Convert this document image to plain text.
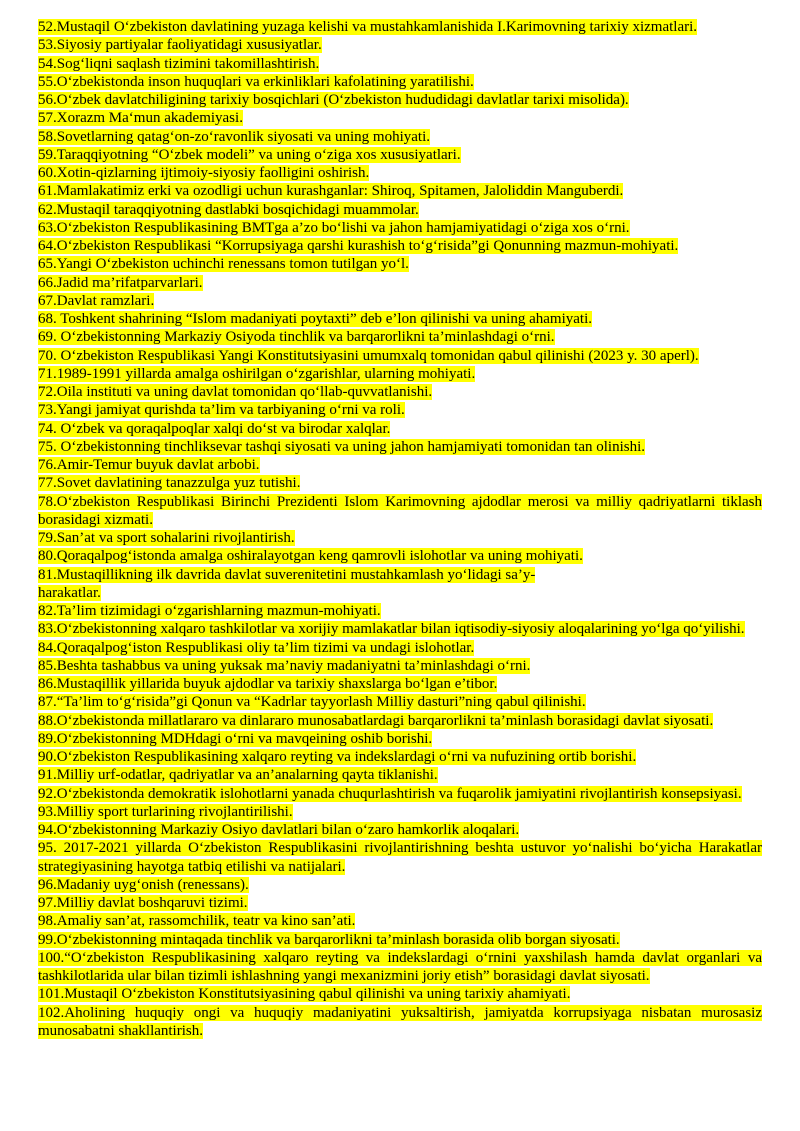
52.Mustaqil O‘zbekiston davlatining yuzaga kelishi va mustahkamlanishida I.Karimovning tarixiy xizmatlari.

53.Siyosiy partiyalar faoliyatidagi xususiyatlar.

54.Sog‘liqni saqlash tizimini takomillashtirish.

55.O‘zbekistonda inson huquqlari va erkinliklari kafolatining yaratilishi.

56.O‘zbek davlatchiligining tarixiy bosqichlari (O‘zbekiston hududidagi davlatlar tarixi misolida).

57.Xorazm Ma‘mun akademiyasi.

58.Sovetlarning qatag‘on-zo‘ravonlik siyosati va uning mohiyati.

59.Taraqqiyotning “O‘zbek modeli” va uning o‘ziga xos xususiyatlari.

60.Xotin-qizlarning ijtimoiy-siyosiy faolligini oshirish.

61.Mamlakatimiz erki va ozodligi uchun kurashganlar: Shiroq, Spitamen, Jaloliddin Manguberdi.

62.Mustaqil taraqqiyotning dastlabki bosqichidagi muammolar.

63.O‘zbekiston Respublikasining BMTga a’zo bo‘lishi va jahon hamjamiyatidagi o‘ziga xos o‘rni.

64.O‘zbekiston Respublikasi “Korrupsiyaga qarshi kurashish to‘g‘risida”gi Qonunning mazmun-mohiyati.

65.Yangi O‘zbekiston uchinchi renessans tomon tutilgan yo‘l.

66.Jadid ma’rifatparvarlari.

67.Davlat ramzlari.

68. Toshkent shahrining “Islom madaniyati poytaxti” deb e’lon qilinishi va uning ahamiyati.

69. O‘zbekistonning Markaziy Osiyoda tinchlik va barqarorlikni ta’minlashdagi o‘rni.

70. O‘zbekiston Respublikasi Yangi Konstitutsiyasini umumxalq tomonidan qabul qilinishi (2023 y. 30 aperl).

71.1989-1991 yillarda amalga oshirilgan o‘zgarishlar, ularning mohiyati.

72.Oila instituti va uning davlat tomonidan qo‘llab-quvvatlanishi.

73.Yangi jamiyat qurishda ta’lim va tarbiyaning o‘rni va roli.

74. O‘zbek va qoraqalpoqlar xalqi do‘st va birodar xalqlar.

75. O‘zbekistonning tinchliksevar tashqi siyosati va uning jahon hamjamiyati tomonidan tan olinishi.

76.Amir-Temur buyuk davlat arbobi.

77.Sovet davlatining tanazzulga yuz tutishi.

78.O‘zbekiston Respublikasi Birinchi Prezidenti Islom Karimovning ajdodlar merosi va milliy qadriyatlarni tiklash borasidagi xizmati.

79.San’at va sport sohalarini rivojlantirish.

80.Qoraqalpog‘istonda amalga oshiralayotgan keng qamrovli islohotlar va uning mohiyati.

81.Mustaqillikning ilk davrida davlat suverenitetini mustahkamlash yo‘lidagi sa’y-
harakatlar.

82.Ta’lim tizimidagi o‘zgarishlarning mazmun-mohiyati.

83.O‘zbekistonning xalqaro tashkilotlar va xorijiy mamlakatlar bilan iqtisodiy-siyosiy aloqalarining yo‘lga qo‘yilishi.

84.Qoraqalpog‘iston Respublikasi oliy ta’lim tizimi va undagi islohotlar.

85.Beshta tashabbus va uning yuksak ma’naviy madaniyatni ta’minlashdagi o‘rni.

86.Mustaqillik yillarida buyuk ajdodlar va tarixiy shaxslarga bo‘lgan e’tibor.

87.“Ta’lim to‘g‘risida”gi Qonun va “Kadrlar tayyorlash Milliy dasturi”ning qabul qilinishi.

88.O‘zbekistonda millatlararo va dinlararo munosabatlardagi barqarorlikni ta’minlash borasidagi davlat siyosati.

89.O‘zbekistonning MDHdagi o‘rni va mavqeining oshib borishi.

90.O‘zbekiston Respublikasining xalqaro reyting va indekslardagi o‘rni va nufuzining ortib borishi.

91.Milliy urf-odatlar, qadriyatlar va an’analarning qayta tiklanishi.

92.O‘zbekistonda demokratik islohotlarni yanada chuqurlashtirish va fuqarolik jamiyatini rivojlantirish konsepsiyasi.

93.Milliy sport turlarining rivojlantirilishi.

94.O‘zbekistonning Markaziy Osiyo davlatlari bilan o‘zaro hamkorlik aloqalari.

95. 2017-2021 yillarda O‘zbekiston Respublikasini rivojlantirishning beshta ustuvor yo‘nalishi bo‘yicha Harakatlar strategiyasining hayotga tatbiq etilishi va natijalari.

96.Madaniy uyg‘onish (renessans).

97.Milliy davlat boshqaruvi tizimi.

98.Amaliy san’at, rassomchilik, teatr va kino san’ati.

99.O‘zbekistonning mintaqada tinchlik va barqarorlikni ta’minlash borasida olib borgan siyosati.

100.“O‘zbekiston Respublikasining xalqaro reyting va indekslardagi o‘rnini yaxshilash hamda davlat organlari va tashkilotlarida ular bilan tizimli ishlashning yangi mexanizmini joriy etish” borasidagi davlat siyosati.

101.Mustaqil O‘zbekiston Konstitutsiyasining qabul qilinishi va uning tarixiy ahamiyati.

102.Aholining huquqiy ongi va huquqiy madaniyatini yuksaltirish, jamiyatda korrupsiyaga nisbatan murosasiz munosabatni shakllantirish.
